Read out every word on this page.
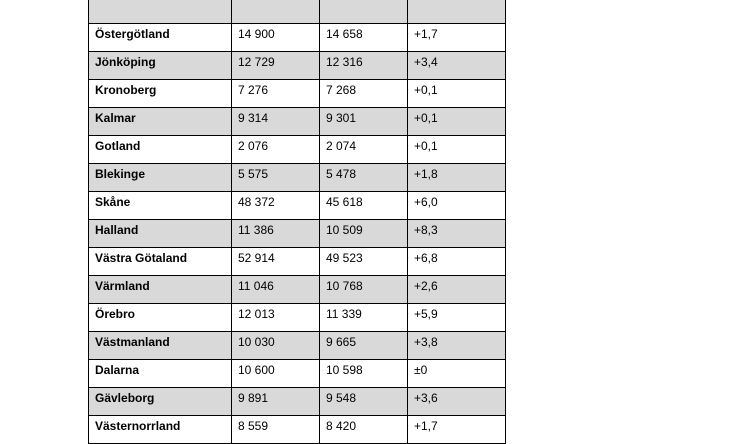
Östergötland	14 900	14 658	+1,7
Jönköping	12 729	12 316	+3,4
Kronoberg	7 276	7 268	+0,1
Kalmar	9 314	9 301	+0,1
Gotland	2 076	2 074	+0,1
Blekinge	5 575	5 478	+1,8
Skåne	48 372	45 618	+6,0
Halland	11 386	10 509	+8,3
Västra Götaland	52 914	49 523	+6,8
Värmland	11 046	10 768	+2,6
Örebro	12 013	11 339	+5,9
Västmanland	10 030	9 665	+3,8
Dalarna	10 600	10 598	±0
Gävleborg	9 891	9 548	+3,6
Västernorrland	8 559	8 420	+1,7
